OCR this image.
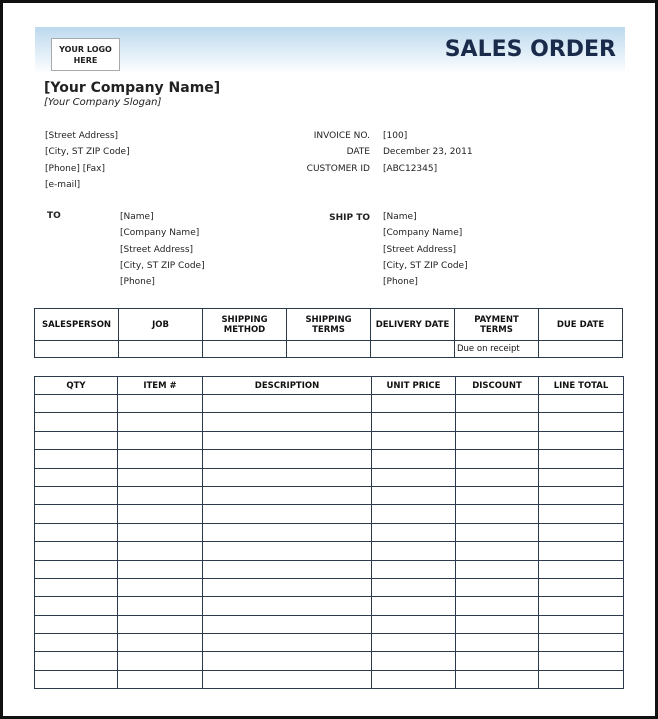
YOUR LOGO HERE	SALES ORDER
[Your Company Name]
[Your Company Slogan]
TO	SHIP TO
[Street Address]
[City, ST ZIP Code]
[Phone] [Fax]
[e-mail]
INVOICE NO. [100]
DATE December 23, 2011
CUSTOMER ID [ABC12345]
[Name]
[Company Name]
[Street Address]
[City, ST ZIP Code]
[Phone]
[Name]
[Company Name]
[Street Address]
[City, ST ZIP Code]
[Phone]
SALESPERSON	JOB	SHIPPING METHOD	SHIPPING TERMS	DELIVERY DATE	PAYMENT TERMS	DUE DATE
					Due on receipt	
QTY	ITEM #	DESCRIPTION	UNIT PRICE	DISCOUNT	LINE TOTAL
